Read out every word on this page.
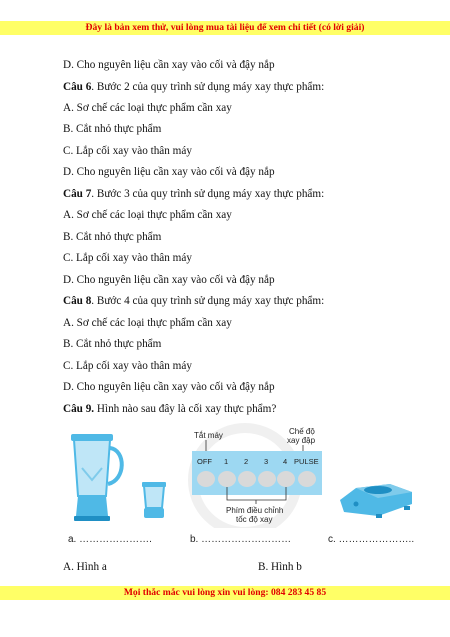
Đây là bản xem thử, vui lòng mua tài liệu để xem chi tiết (có lời giải)
D. Cho nguyên liệu cần xay vào cối và đậy nắp
Câu 6. Bước 2 của quy trình sử dụng máy xay thực phẩm:
A. Sơ chế các loại thực phẩm cần xay
B. Cắt nhỏ thực phẩm
C. Lắp cối xay vào thân máy
D. Cho nguyên liệu cần xay vào cối và đậy nắp
Câu 7. Bước 3 của quy trình sử dụng máy xay thực phẩm:
A. Sơ chế các loại thực phẩm cần xay
B. Cắt nhỏ thực phẩm
C. Lắp cối xay vào thân máy
D. Cho nguyên liệu cần xay vào cối và đậy nắp
Câu 8. Bước 4 của quy trình sử dụng máy xay thực phẩm:
A. Sơ chế các loại thực phẩm cần xay
B. Cắt nhỏ thực phẩm
C. Lắp cối xay vào thân máy
D. Cho nguyên liệu cần xay vào cối và đậy nắp
Câu 9. Hình nào sau đây là cối xay thực phẩm?
Tắt máy	Chế độ
xay đập
OFF 1 2 3 4 PULSE
Phím điều chỉnh
tốc độ xay
a. ………………….	b. ………………………	c. …………………..
A. Hình a	B. Hình b
Mọi thắc mắc vui lòng xin vui lòng: 084 283 45 85
